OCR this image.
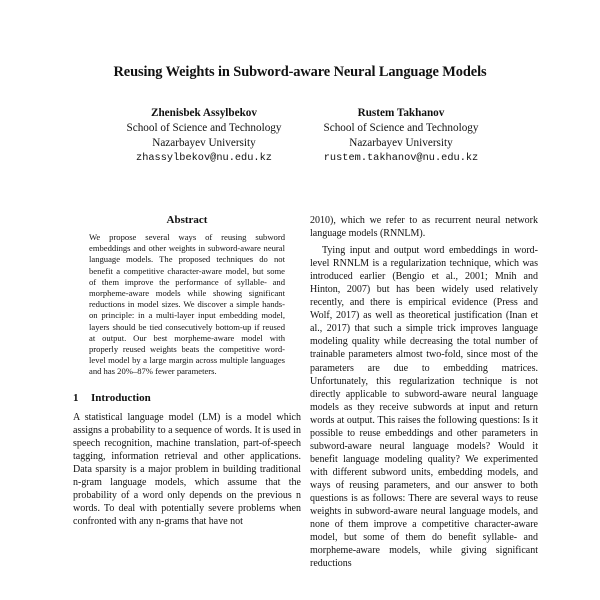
Reusing Weights in Subword-aware Neural Language Models
Zhenisbek Assylbekov
School of Science and Technology
Nazarbayev University
zhassylbekov@nu.edu.kz
Rustem Takhanov
School of Science and Technology
Nazarbayev University
rustem.takhanov@nu.edu.kz
Abstract

We propose several ways of reusing subword embeddings and other weights in subword-aware neural language models. The proposed techniques do not benefit a competitive character-aware model, but some of them improve the performance of syllable- and morpheme-aware models while showing significant reductions in model sizes. We discover a simple hands-on principle: in a multi-layer input embedding model, layers should be tied consecutively bottom-up if reused at output. Our best morpheme-aware model with properly reused weights beats the competitive word-level model by a large margin across multiple languages and has 20%–87% fewer parameters.

1 Introduction

A statistical language model (LM) is a model which assigns a probability to a sequence of words. It is used in speech recognition, machine translation, part-of-speech tagging, information retrieval and other applications. Data sparsity is a major problem in building traditional n-gram language models, which assume that the probability of a word only depends on the previous n words. To deal with potentially severe problems when confronted with any n-grams that have not

2010), which we refer to as recurrent neural network language models (RNNLM).

Tying input and output word embeddings in word-level RNNLM is a regularization technique, which was introduced earlier (Bengio et al., 2001; Mnih and Hinton, 2007) but has been widely used relatively recently, and there is empirical evidence (Press and Wolf, 2017) as well as theoretical justification (Inan et al., 2017) that such a simple trick improves language modeling quality while decreasing the total number of trainable parameters almost two-fold, since most of the parameters are due to embedding matrices. Unfortunately, this regularization technique is not directly applicable to subword-aware neural language models as they receive subwords at input and return words at output. This raises the following questions: Is it possible to reuse embeddings and other parameters in subword-aware neural language models? Would it benefit language modeling quality? We experimented with different subword units, embedding models, and ways of reusing parameters, and our answer to both questions is as follows: There are several ways to reuse weights in subword-aware neural language models, and none of them improve a competitive character-aware model, but some of them do benefit syllable- and morpheme-aware models, while giving significant reductions
